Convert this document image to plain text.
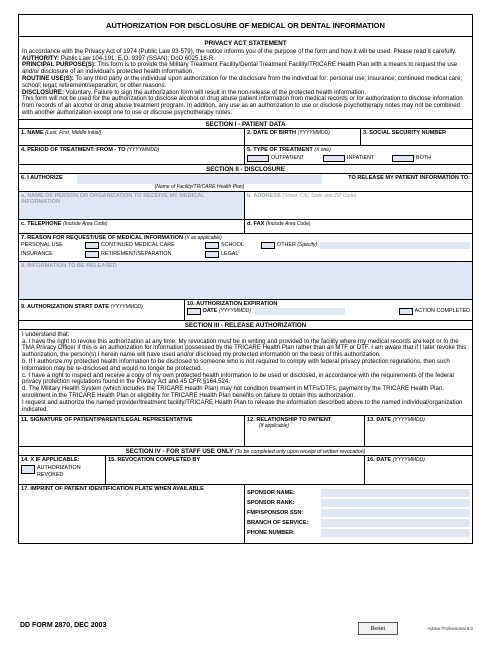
AUTHORIZATION FOR DISCLOSURE OF MEDICAL OR DENTAL INFORMATION
PRIVACY ACT STATEMENT
In accordance with the Privacy Act of 1974 (Public Law 93-579), the notice informs you of the purpose of the form and how it will be used. Please read it carefully.
AUTHORITY: Public Law 104-191; E.O. 9397 (SSAN); DoD 6025.18-R.
PRINCIPAL PURPOSE(S): This form is to provide the Military Treatment Facility/Dental Treatment Facility/TRICARE Health Plan with a means to request the use and/or disclosure of an individual's protected health information.
ROUTINE USE(S): To any third party or the individual upon authorization for the disclosure from the individual for: personal use; insurance; continued medical care; school; legal; retirement/separation; or other reasons.
DISCLOSURE: Voluntary. Failure to sign the authorization form will result in the non-release of the protected health information.
This form will not be used for the authorization to disclose alcohol or drug abuse patient information from medical records or for authorization to disclose information from records of an alcohol or drug abuse treatment program. In addition, any use as an authorization to use or disclose psychotherapy notes may not be combined with another authorization except one to use or disclose psychotherapy notes.
SECTION I - PATIENT DATA
1. NAME (Last, First, Middle Initial)	2. DATE OF BIRTH (YYYYMMDD)	3. SOCIAL SECURITY NUMBER
4. PERIOD OF TREATMENT: FROM - TO (YYYYMMDD)	5. TYPE OF TREATMENT (X one)
OUTPATIENT	INPATIENT	BOTH
SECTION II - DISCLOSURE
6. I AUTHORIZE
(Name of Facility/TRICARE Health Plan)
TO RELEASE MY PATIENT INFORMATION TO:
a. NAME OF PERSON OR ORGANIZATION TO RECEIVE MY MEDICAL INFORMATION
b. ADDRESS (Street, City, State and ZIP Code)
c. TELEPHONE (Include Area Code)	d. FAX (Include Area Code)
7. REASON FOR REQUEST/USE OF MEDICAL INFORMATION (X as applicable)
PERSONAL USE	CONTINUED MEDICAL CARE	SCHOOL	OTHER
(Specify)
INSURANCE	RETIREMENT/SEPARATION	LEGAL
8. INFORMATION TO BE RELEASED
9. AUTHORIZATION START DATE (YYYYMMDD)	10. AUTHORIZATION EXPIRATION
DATE (YYYYMMDD)	ACTION COMPLETED
SECTION III - RELEASE AUTHORIZATION
I understand that:
a. I have the right to revoke this authorization at any time. My revocation must be in writing and provided to the facility where my medical records are kept or to the TMA Privacy Officer if this is an authorization for information possessed by the TRICARE Health Plan rather than an MTF or DTF. I am aware that if I later revoke this authorization, the person(s) I herein name will have used and/or disclosed my protected information on the basis of this authorization.
b. If I authorize my protected health information to be disclosed to someone who is not required to comply with federal privacy protection regulations, then such information may be re-disclosed and would no longer be protected.
c. I have a right to inspect and receive a copy of my own protected health information to be used or disclosed, in accordance with the requirements of the federal privacy protection regulations found in the Privacy Act and 45 CFR §164.524.
d. The Military Health System (which includes the TRICARE Health Plan) may not condition treatment in MTFs/DTFs, payment by the TRICARE Health Plan, enrollment in the TRICARE Health Plan or eligibility for TRICARE Health Plan benefits on failure to obtain this authorization.
I request and authorize the named provider/treatment facility/TRICARE Health Plan to release the information described above to the named individual/organization indicated.
11. SIGNATURE OF PATIENT/PARENT/LEGAL REPRESENTATIVE	12. RELATIONSHIP TO PATIENT
(If applicable)
13. DATE (YYYYMMDD)
SECTION IV - FOR STAFF USE ONLY (To be completed only upon receipt of written revocation)
14. X IF APPLICABLE:
AUTHORIZATION REVOKED
15. REVOCATION COMPLETED BY	16. DATE (YYYYMMDD)
17. IMPRINT OF PATIENT IDENTIFICATION PLATE WHEN AVAILABLE
SPONSOR NAME:
SPONSOR RANK:
FMP/SPONSOR SSN:
BRANCH OF SERVICE:
PHONE NUMBER:
DD FORM 2870, DEC 2003	Reset	Adobe Professional 8.0
